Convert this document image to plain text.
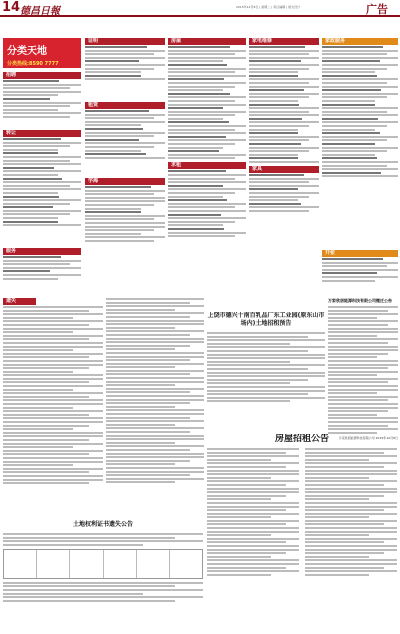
14 德昌日報	2015年12月8日 | 星期二 | 责任编辑 | 版式设计	广告
分类天地
分类热线:8590 7777
招聘
转让
服务
证明
租赁
学海
房屋
求租
家电维修
家具
家政服务
开张
遗失
上饶市德兴十南百乳品厂东工业园(原东山市场内)土地招租预告
万家欣居能源科技有限公司搬迁公告
万家欣居能源科技有限公司 2015年12月8日
房屋招租公告
土地权利证书遗失公告
